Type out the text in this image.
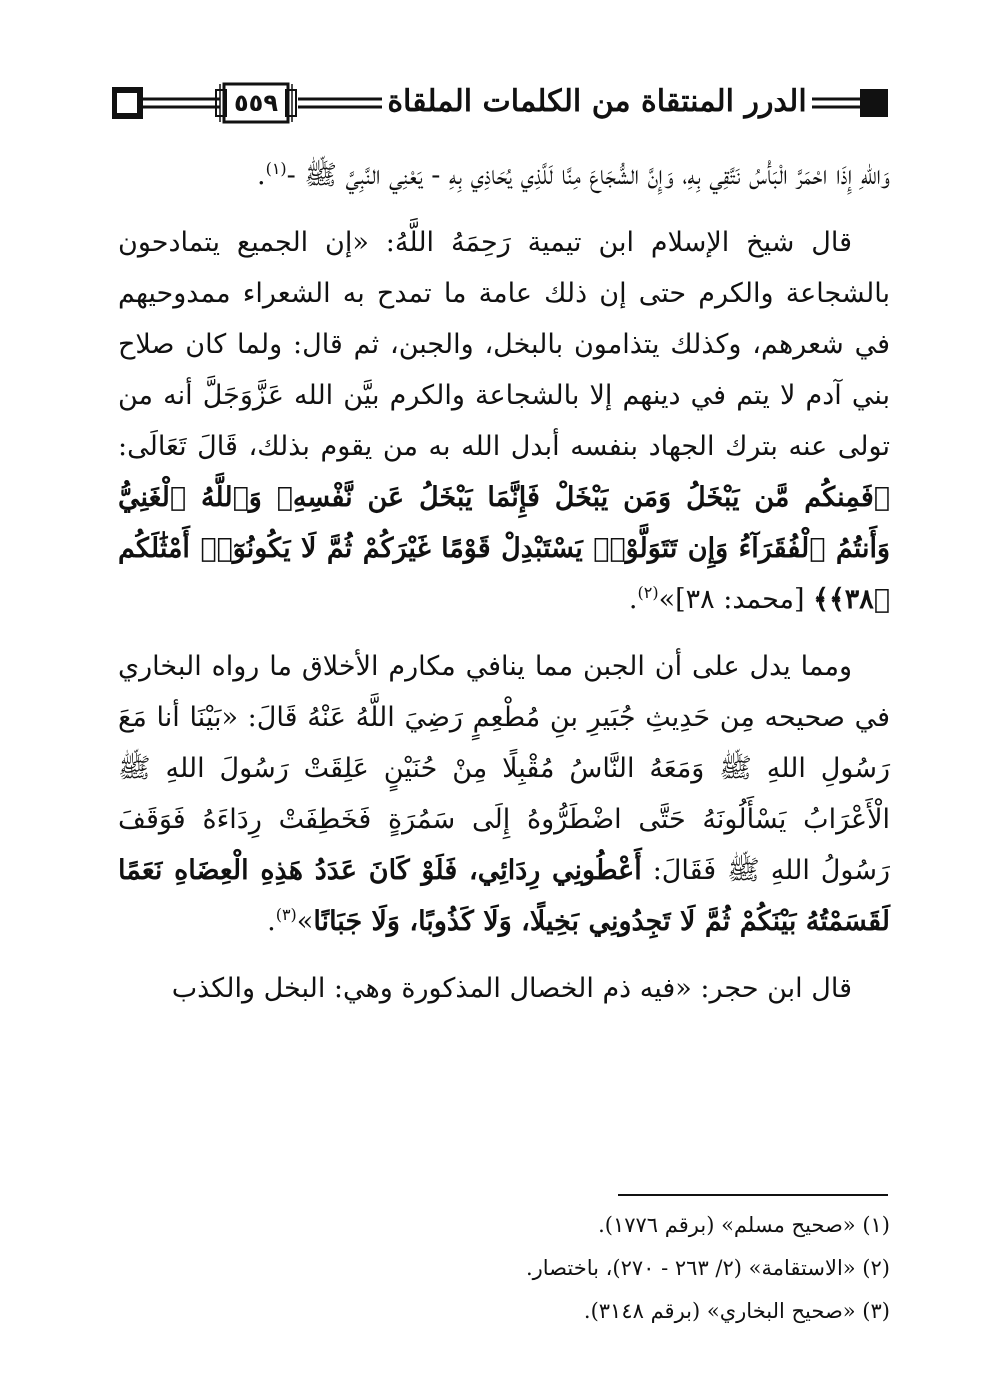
٥٥٩	الدرر المنتقاة من الكلمات الملقاة

وَاللهِ إِذَا احْمَرَّ الْبَأْسُ نَتَّقِي بِهِ، وَإِنَّ الشُّجَاعَ مِنَّا لَلَّذِي يُحَاذِي بِهِ - يَعْنِي النَّبِيَّ ﷺ -$^{(١)}$.

قال شيخ الإسلام ابن تيمية رَحِمَهُ اللَّهُ: «إن الجميع يتمادحون بالشجاعة والكرم حتى إن ذلك عامة ما تمدح به الشعراء ممدوحيهم في شعرهم، وكذلك يتذامون بالبخل، والجبن، ثم قال: ولما كان صلاح بني آدم لا يتم في دينهم إلا بالشجاعة والكرم بيَّن الله عَزَّوَجَلَّ أنه من تولى عنه بترك الجهاد بنفسه أبدل الله به من يقوم بذلك، قَالَ تَعَالَى: ﴿فَمِنكُم مَّن يَبْخَلُ وَمَن يَبْخَلْ فَإِنَّمَا يَبْخَلُ عَن نَّفْسِهِۦ وَٱللَّهُ ٱلْغَنِيُّ وَأَنتُمُ ٱلْفُقَرَآءُ وَإِن تَتَوَلَّوْا۟ يَسْتَبْدِلْ قَوْمًا غَيْرَكُمْ ثُمَّ لَا يَكُونُوٓا۟ أَمْثَٰلَكُم ﴿٣٨﴾﴾ [محمد: ٣٨]»$^{(٢)}$.

ومما يدل على أن الجبن مما ينافي مكارم الأخلاق ما رواه البخاري في صحيحه مِن حَدِيثِ جُبَيرِ بنِ مُطْعِمٍ رَضِيَ اللَّهُ عَنْهُ قَالَ: «بَيْنَا أنا مَعَ رَسُولِ اللهِ ﷺ وَمَعَهُ النَّاسُ مُقْبِلًا مِنْ حُنَيْنٍ عَلِقَتْ رَسُولَ اللهِ ﷺ الْأَعْرَابُ يَسْأَلُونَهُ حَتَّى اضْطَرُّوهُ إِلَى سَمُرَةٍ فَخَطِفَتْ رِدَاءَهُ فَوَقَفَ رَسُولُ اللهِ ﷺ فَقَالَ: أَعْطُونِي رِدَائِي، فَلَوْ كَانَ عَدَدُ هَذِهِ الْعِضَاهِ نَعَمًا لَقَسَمْتُهُ بَيْنَكُمْ ثُمَّ لَا تَجِدُونِي بَخِيلًا، وَلَا كَذُوبًا، وَلَا جَبَانًا»$^{(٣)}$.

قال ابن حجر: «فيه ذم الخصال المذكورة وهي: البخل والكذب

(١) «صحيح مسلم» (برقم ١٧٧٦).

(٢) «الاستقامة» (٢/ ٢٦٣ - ٢٧٠)، باختصار.

(٣) «صحيح البخاري» (برقم ٣١٤٨).
